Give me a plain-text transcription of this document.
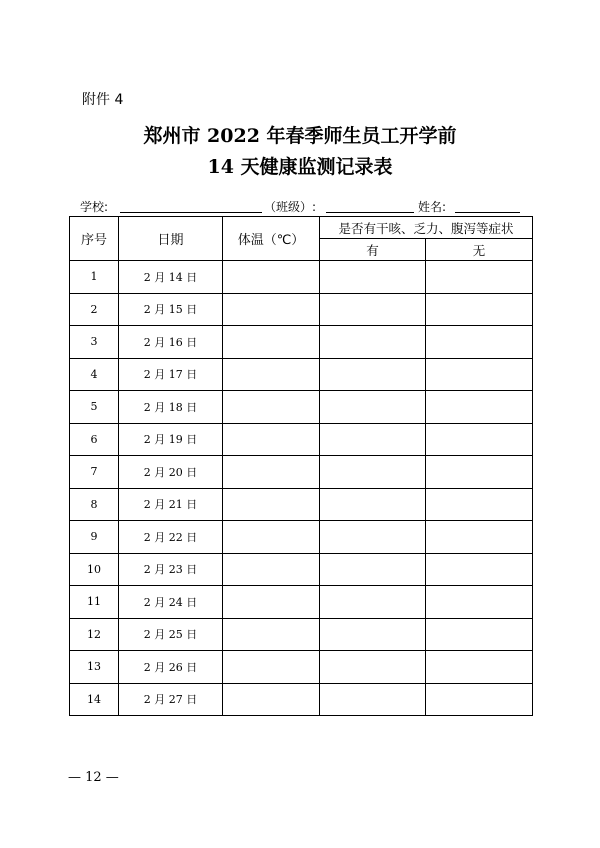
附件 4
郑州市 2022 年春季师生员工开学前
14 天健康监测记录表
学校:	（班级）:	姓名:
序号	日期	体温（℃）	是否有干咳、乏力、腹泻等症状	
			有	无
1	2 月 14 日			
2	2 月 15 日			
3	2 月 16 日			
4	2 月 17 日			
5	2 月 18 日			
6	2 月 19 日			
7	2 月 20 日			
8	2 月 21 日			
9	2 月 22 日			
10	2 月 23 日			
11	2 月 24 日			
12	2 月 25 日			
13	2 月 26 日			
14	2 月 27 日			
— 12 —
